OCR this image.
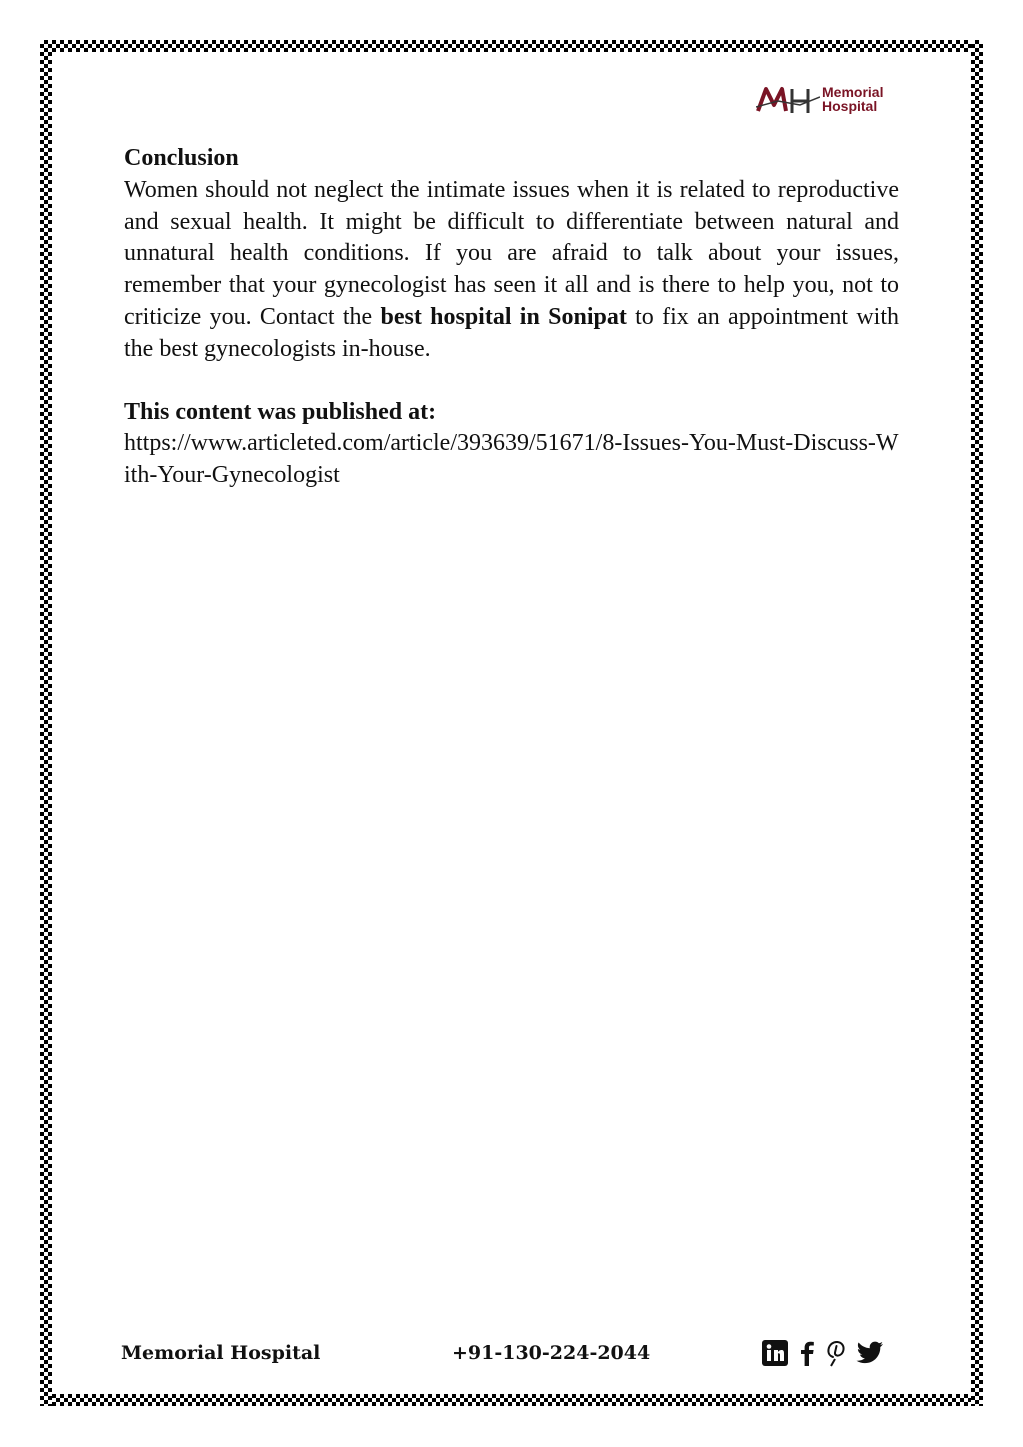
Memorial
Hospital

Conclusion

Women should not neglect the intimate issues when it is related to reproductive and sexual health. It might be difficult to differentiate between natural and unnatural health conditions. If you are afraid to talk about your issues, remember that your gynecologist has seen it all and is there to help you, not to criticize you. Contact the best hospital in Sonipat to fix an appointment with the best gynecologists in-house.

This content was published at:

https://www.articleted.com/article/393639/51671/8-Issues-You-Must-Discuss-With-Your-Gynecologist

Memorial Hospital	+91-130-224-2044
